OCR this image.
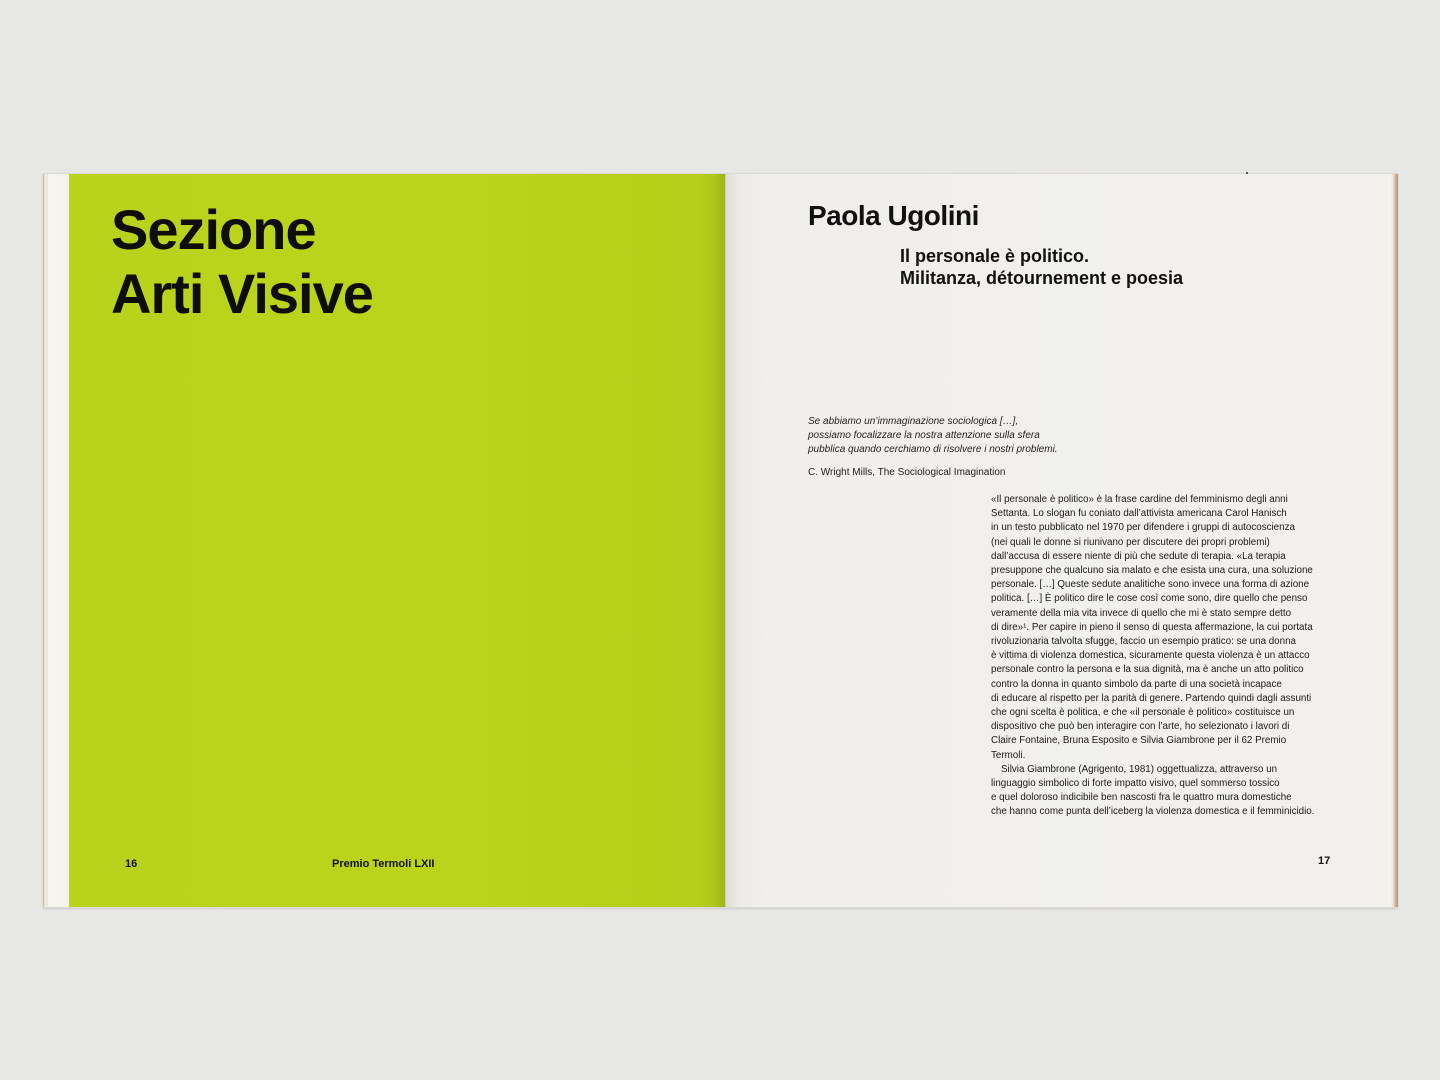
Sezione
Arti Visive
16	Premio Termoli LXII
Paola Ugolini
Il personale è politico.
Militanza, détournement e poesia
Se abbiamo un’immaginazione sociologica […],
possiamo focalizzare la nostra attenzione sulla sfera
pubblica quando cerchiamo di risolvere i nostri problemi.
C. Wright Mills, The Sociological Imagination
«Il personale è politico» è la frase cardine del femminismo degli anni
Settanta. Lo slogan fu coniato dall’attivista americana Carol Hanisch
in un testo pubblicato nel 1970 per difendere i gruppi di autocoscienza
(nei quali le donne si riunivano per discutere dei propri problemi)
dall’accusa di essere niente di più che sedute di terapia. «La terapia
presuppone che qualcuno sia malato e che esista una cura, una soluzione
personale. […] Queste sedute analitiche sono invece una forma di azione
politica. […] È politico dire le cose così come sono, dire quello che penso
veramente della mia vita invece di quello che mi è stato sempre detto
di dire»¹. Per capire in pieno il senso di questa affermazione, la cui portata
rivoluzionaria talvolta sfugge, faccio un esempio pratico: se una donna
è vittima di violenza domestica, sicuramente questa violenza è un attacco
personale contro la persona e la sua dignità, ma è anche un atto politico
contro la donna in quanto simbolo da parte di una società incapace
di educare al rispetto per la parità di genere. Partendo quindi dagli assunti
che ogni scelta è politica, e che «il personale è politico» costituisce un
dispositivo che può ben interagire con l’arte, ho selezionato i lavori di
Claire Fontaine, Bruna Esposito e Silvia Giambrone per il 62 Premio
Termoli.
Silvia Giambrone (Agrigento, 1981) oggettualizza, attraverso un
linguaggio simbolico di forte impatto visivo, quel sommerso tossico
e quel doloroso indicibile ben nascosti fra le quattro mura domestiche
che hanno come punta dell’iceberg la violenza domestica e il femminicidio.
17
